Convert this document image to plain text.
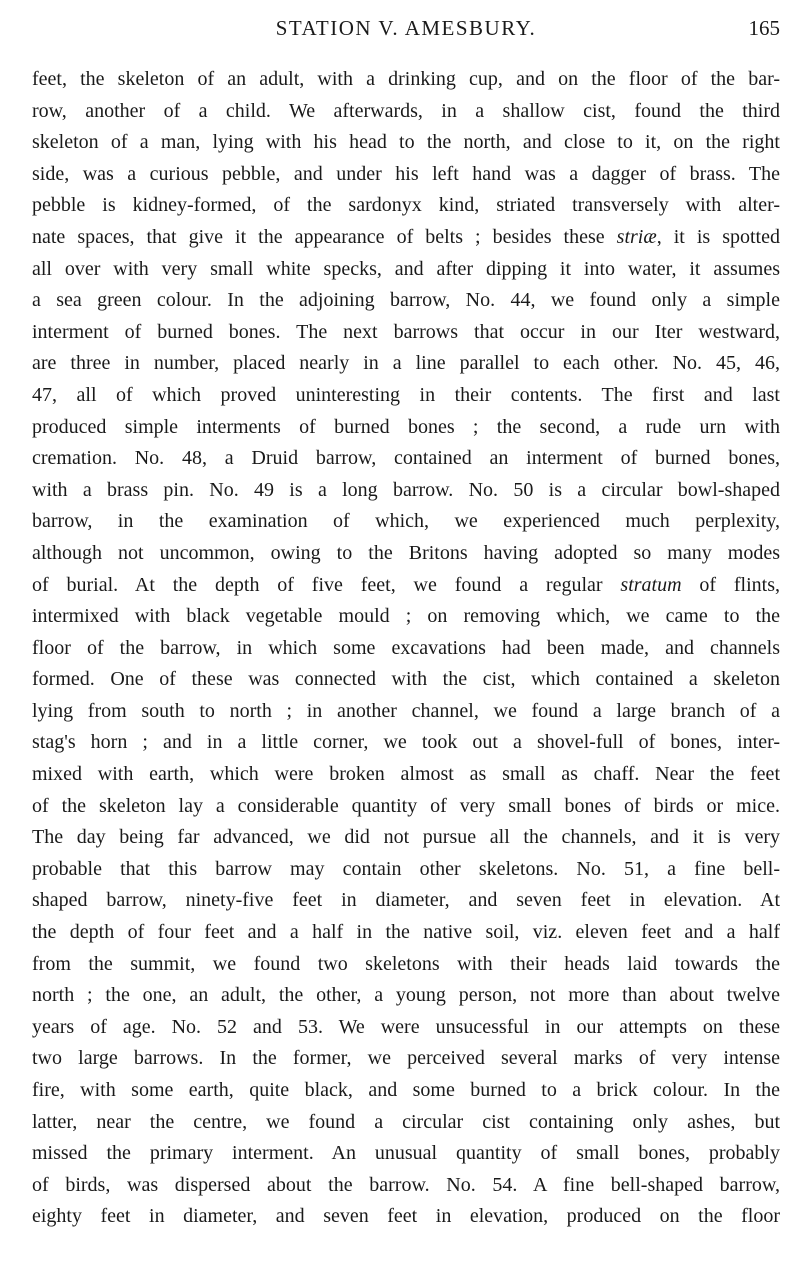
STATION V. AMESBURY.	165
feet, the skeleton of an adult, with a drinking cup, and on the floor of the bar-
row, another of a child. We afterwards, in a shallow cist, found the third
skeleton of a man, lying with his head to the north, and close to it, on the right
side, was a curious pebble, and under his left hand was a dagger of brass. The
pebble is kidney-formed, of the sardonyx kind, striated transversely with alter-
nate spaces, that give it the appearance of belts ; besides these striæ, it is spotted
all over with very small white specks, and after dipping it into water, it assumes
a sea green colour. In the adjoining barrow, No. 44, we found only a simple
interment of burned bones. The next barrows that occur in our Iter westward,
are three in number, placed nearly in a line parallel to each other. No. 45, 46,
47, all of which proved uninteresting in their contents. The first and last
produced simple interments of burned bones ; the second, a rude urn with
cremation. No. 48, a Druid barrow, contained an interment of burned bones,
with a brass pin. No. 49 is a long barrow. No. 50 is a circular bowl-shaped
barrow, in the examination of which, we experienced much perplexity,
although not uncommon, owing to the Britons having adopted so many modes
of burial. At the depth of five feet, we found a regular stratum of flints,
intermixed with black vegetable mould ; on removing which, we came to the
floor of the barrow, in which some excavations had been made, and channels
formed. One of these was connected with the cist, which contained a skeleton
lying from south to north ; in another channel, we found a large branch of a
stag's horn ; and in a little corner, we took out a shovel-full of bones, inter-
mixed with earth, which were broken almost as small as chaff. Near the feet
of the skeleton lay a considerable quantity of very small bones of birds or mice.
The day being far advanced, we did not pursue all the channels, and it is very
probable that this barrow may contain other skeletons. No. 51, a fine bell-
shaped barrow, ninety-five feet in diameter, and seven feet in elevation. At
the depth of four feet and a half in the native soil, viz. eleven feet and a half
from the summit, we found two skeletons with their heads laid towards the
north ; the one, an adult, the other, a young person, not more than about twelve
years of age. No. 52 and 53. We were unsucessful in our attempts on these
two large barrows. In the former, we perceived several marks of very intense
fire, with some earth, quite black, and some burned to a brick colour. In the
latter, near the centre, we found a circular cist containing only ashes, but
missed the primary interment. An unusual quantity of small bones, probably
of birds, was dispersed about the barrow. No. 54. A fine bell-shaped barrow,
eighty feet in diameter, and seven feet in elevation, produced on the floor
